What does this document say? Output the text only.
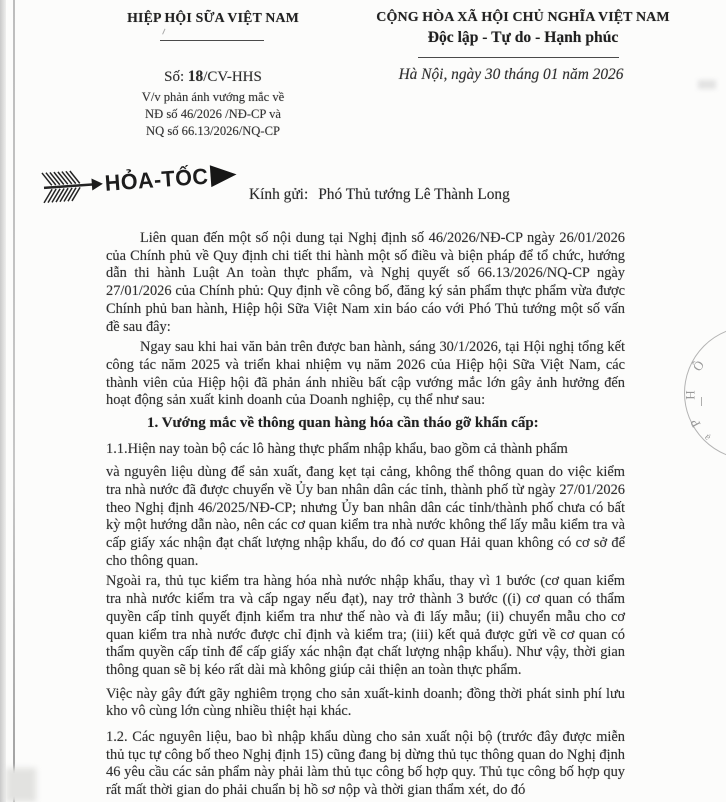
HIỆP HỘI SỮA VIỆT NAM
Số: 18/CV-HHS
V/v phản ánh vướng mắc về
NĐ số 46/2026 /NĐ-CP và
NQ số 66.13/2026/NQ-CP
CỘNG HÒA XÃ HỘI CHỦ NGHĨA VIỆT NAM
Độc lập - Tự do - Hạnh phúc
Hà Nội, ngày 30 tháng 01 năm 2026
HỎA-TỐC	Kính gửi: Phó Thủ tướng Lê Thành Long

Liên quan đến một số nội dung tại Nghị định số 46/2026/NĐ-CP ngày 26/01/2026 của Chính phủ về Quy định chi tiết thi hành một số điều và biện pháp để tổ chức, hướng dẫn thi hành Luật An toàn thực phẩm, và Nghị quyết số 66.13/2026/NQ-CP ngày 27/01/2026 của Chính phủ: Quy định về công bố, đăng ký sản phẩm thực phẩm vừa được Chính phủ ban hành, Hiệp hội Sữa Việt Nam xin báo cáo với Phó Thủ tướng một số vấn đề sau đây:

Ngay sau khi hai văn bản trên được ban hành, sáng 30/1/2026, tại Hội nghị tổng kết công tác năm 2025 và triển khai nhiệm vụ năm 2026 của Hiệp hội Sữa Việt Nam, các thành viên của Hiệp hội đã phản ánh nhiều bất cập vướng mắc lớn gây ảnh hưởng đến hoạt động sản xuất kinh doanh của Doanh nghiệp, cụ thể như sau:

1. Vướng mắc về thông quan hàng hóa cần tháo gỡ khẩn cấp:

1.1.Hiện nay toàn bộ các lô hàng thực phẩm nhập khẩu, bao gồm cả thành phẩm

và nguyên liệu dùng để sản xuất, đang kẹt tại cảng, không thể thông quan do việc kiểm tra nhà nước đã được chuyển về Ủy ban nhân dân các tỉnh, thành phố từ ngày 27/01/2026 theo Nghị định 46/2025/NĐ-CP; nhưng Ủy ban nhân dân các tỉnh/thành phố chưa có bất kỳ một hướng dẫn nào, nên các cơ quan kiểm tra nhà nước không thể lấy mẫu kiểm tra và cấp giấy xác nhận đạt chất lượng nhập khẩu, do đó cơ quan Hải quan không có cơ sở để cho thông quan.

Ngoài ra, thủ tục kiểm tra hàng hóa nhà nước nhập khẩu, thay vì 1 bước (cơ quan kiểm tra nhà nước kiểm tra và cấp ngay nếu đạt), nay trở thành 3 bước ((i) cơ quan có thẩm quyền cấp tỉnh quyết định kiểm tra như thế nào và đi lấy mẫu; (ii) chuyển mẫu cho cơ quan kiểm tra nhà nước được chỉ định và kiểm tra; (iii) kết quả được gửi về cơ quan có thẩm quyền cấp tỉnh để cấp giấy xác nhận đạt chất lượng nhập khẩu). Như vậy, thời gian thông quan sẽ bị kéo rất dài mà không giúp cải thiện an toàn thực phẩm.

Việc này gây đứt gãy nghiêm trọng cho sản xuất-kinh doanh; đồng thời phát sinh phí lưu kho vô cùng lớn cùng nhiều thiệt hại khác.

1.2. Các nguyên liệu, bao bì nhập khẩu dùng cho sản xuất nội bộ (trước đây được miễn thủ tục tự công bố theo Nghị định 15) cũng đang bị dừng thủ tục thông quan do Nghị định 46 yêu cầu các sản phẩm này phải làm thủ tục công bố hợp quy. Thủ tục công bố hợp quy rất mất thời gian do phải chuẩn bị hồ sơ nộp và thời gian thẩm xét, do đó

Ô
H
P
ạ
